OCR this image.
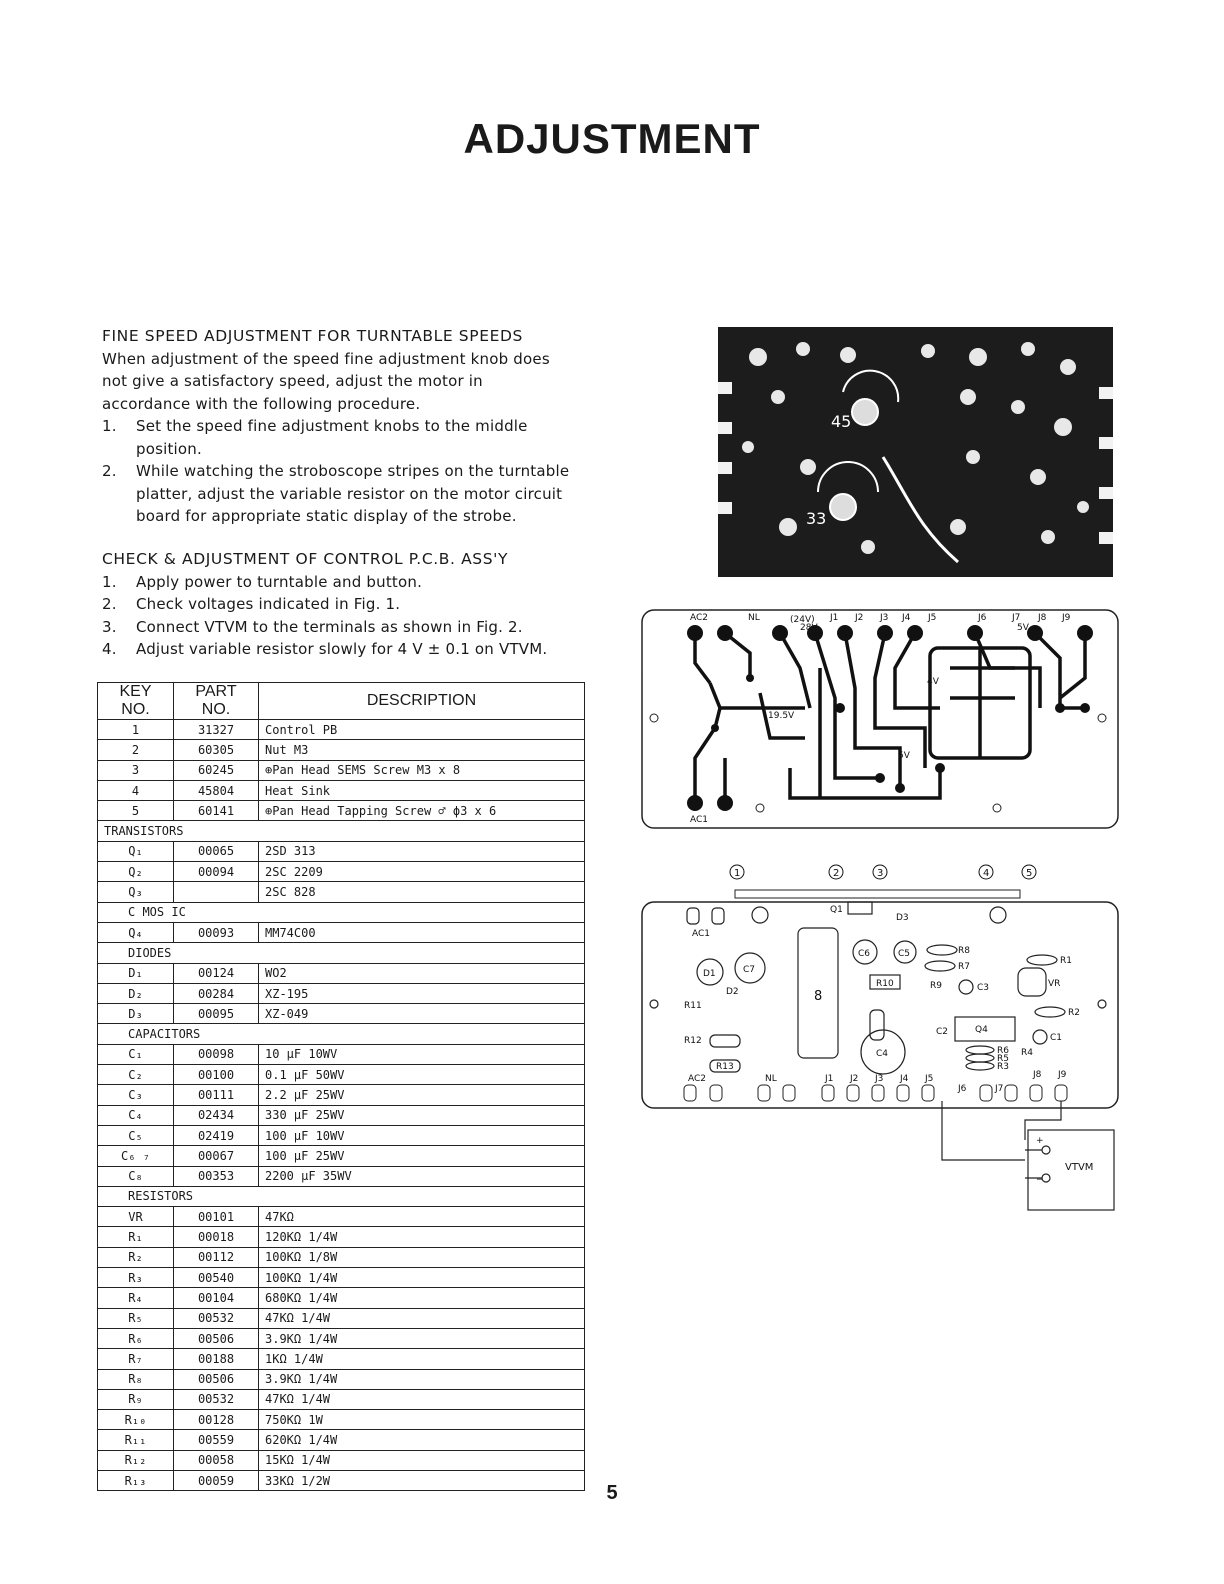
ADJUSTMENT
FINE SPEED ADJUSTMENT FOR TURNTABLE SPEEDS

When adjustment of the speed fine adjustment knob does not give a satisfactory speed, adjust the motor in accordance with the following procedure.

1.	Set the speed fine adjustment knobs to the middle position.
2.	While watching the stroboscope stripes on the turntable platter, adjust the variable resistor on the motor circuit board for appropriate static display of the strobe.
CHECK & ADJUSTMENT OF CONTROL P.C.B. ASS'Y
1.	Apply power to turntable and button.
2.	Check voltages indicated in Fig. 1.
3.	Connect VTVM to the terminals as shown in Fig. 2.
4.	Adjust variable resistor slowly for 4 V ± 0.1 on VTVM.
KEY NO.	PART NO.	DESCRIPTION
1	31327	Control PB
2	60305	Nut M3
3	60245	⊕Pan Head SEMS Screw M3 x 8
4	45804	Heat Sink
5	60141	⊕Pan Head Tapping Screw ♂ ϕ3 x 6
TRANSISTORS		
Q₁	00065	2SD 313
Q₂	00094	2SC 2209
Q₃		2SC 828
C MOS IC		
Q₄	00093	MM74C00
DIODES		
D₁	00124	WO2
D₂	00284	XZ-195
D₃	00095	XZ-049
CAPACITORS		
C₁	00098	10 μF 10WV
C₂	00100	0.1 μF 50WV
C₃	00111	2.2 μF 25WV
C₄	02434	330 μF 25WV
C₅	02419	100 μF 10WV
C₆ ₇	00067	100 μF 25WV
C₈	00353	2200 μF 35WV
RESISTORS		
VR	00101	47KΩ
R₁	00018	120KΩ 1/4W
R₂	00112	100KΩ 1/8W
R₃	00540	100KΩ 1/4W
R₄	00104	680KΩ 1/4W
R₅	00532	47KΩ 1/4W
R₆	00506	3.9KΩ 1/4W
R₇	00188	1KΩ 1/4W
R₈	00506	3.9KΩ 1/4W
R₉	00532	47KΩ 1/4W
R₁₀	00128	750KΩ 1W
R₁₁	00559	620KΩ 1/4W
R₁₂	00058	15KΩ 1/4W
R₁₃	00059	33KΩ 1/2W
45
33
AC2	NL	(24V)
28V
J1 J2 J3 J4 J5	J6	J7 J8 J9
5V
5V
4V
19.5V
AC1
1	2	3	4	5
Q1
D3
AC1
D1	C7
C6	C5
D2
R11
8
R10
R8
R7
R1
R9	C3	VR
R2
C2	Q4
C1
R12
R13
C4	R6
R5
R3
R4
AC2	NL	J1 J2 J3 J4 J5
J6	J7
J8 J9
+
−
VTVM
5
